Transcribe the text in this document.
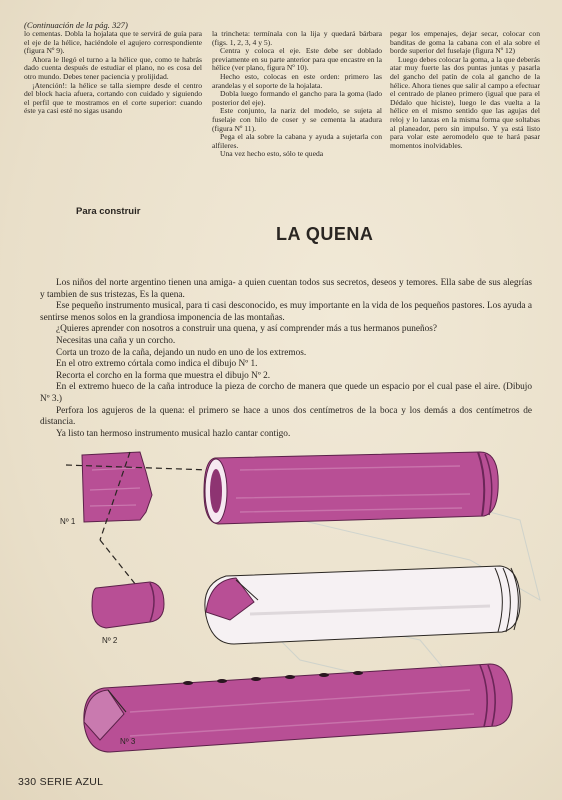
(Continuación de la pág. 327)

lo cementas. Dobla la hojalata que te servirá de guía para el eje de la hélice, haciéndole el agujero correspondiente (figura Nº 9).

Ahora le llegó el turno a la hélice que, como te habrás dado cuenta después de estudiar el plano, no es cosa del otro mundo. Debes tener paciencia y prolijidad.

¡Atención!: la hélice se talla siempre desde el centro del block hacia afuera, cortando con cuidado y siguiendo el perfil que te mostramos en el corte superior: cuando éste ya casi esté no sigas usando

la trincheta: termínala con la lija y quedará bárbara (figs. 1, 2, 3, 4 y 5).

Centra y coloca el eje. Este debe ser doblado previamente en su parte anterior para que encastre en la hélice (ver plano, figura Nº 10).

Hecho esto, colocas en este orden: primero las arandelas y el soporte de la hojalata.

Dobla luego formando el gancho para la goma (lado posterior del eje).

Este conjunto, la nariz del modelo, se sujeta al fuselaje con hilo de coser y se cementa la atadura (figura Nº 11).

Pega el ala sobre la cabana y ayuda a sujetarla con alfileres.

Una vez hecho esto, sólo te queda

pegar los empenajes, dejar secar, colocar con banditas de goma la cabana con el ala sobre el borde superior del fuselaje (figura Nº 12)

Luego debes colocar la goma, a la que deberás atar muy fuerte las dos puntas juntas y pasarla del gancho del patín de cola al gancho de la hélice. Ahora tienes que salir al campo a efectuar el centrado de planeo primero (igual que para el Dédalo que hiciste), luego le das vuelta a la hélice en el mismo sentido que las agujas del reloj y lo lanzas en la misma forma que soltabas al planeador, pero sin impulso. Y ya está listo para volar este aeromodelo que te hará pasar momentos inolvidables.

Para construir
LA QUENA

Los niños del norte argentino tienen una amiga- a quien cuentan todos sus secretos, deseos y temores. Ella sabe de sus alegrías y tambien de sus tristezas, Es la quena.

Ese pequeño instrumento musical, para ti casi desconocido, es muy importante en la vida de los pequeños pastores. Los ayuda a sentirse menos solos en la grandiosa imponencia de las montañas.

¿Quieres aprender con nosotros a construir una quena, y así comprender más a tus hermanos puneños?

Necesitas una caña y un corcho.

Corta un trozo de la caña, dejando un nudo en uno de los extremos.

En el otro extremo córtala como indica el dibujo Nº 1.

Recorta el corcho en la forma que muestra el dibujo Nº 2.

En el extremo hueco de la caña introduce la pieza de corcho de manera que quede un espacio por el cual pase el aire. (Dibujo Nº 3.)

Perfora los agujeros de la quena: el primero se hace a unos dos centímetros de la boca y los demás a dos centímetros de distancia.

Ya listo tan hermoso instrumento musical hazlo cantar contigo.

Nº 1
Nº 2
Nº 3
330 SERIE AZUL
